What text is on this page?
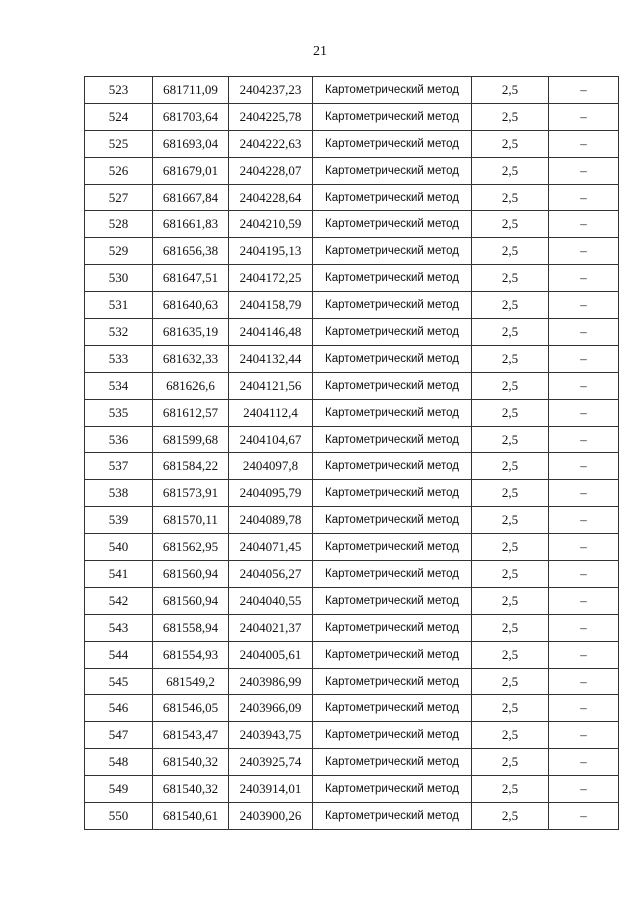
21
523	681711,09	2404237,23	Картометрический метод	2,5	–
524	681703,64	2404225,78	Картометрический метод	2,5	–
525	681693,04	2404222,63	Картометрический метод	2,5	–
526	681679,01	2404228,07	Картометрический метод	2,5	–
527	681667,84	2404228,64	Картометрический метод	2,5	–
528	681661,83	2404210,59	Картометрический метод	2,5	–
529	681656,38	2404195,13	Картометрический метод	2,5	–
530	681647,51	2404172,25	Картометрический метод	2,5	–
531	681640,63	2404158,79	Картометрический метод	2,5	–
532	681635,19	2404146,48	Картометрический метод	2,5	–
533	681632,33	2404132,44	Картометрический метод	2,5	–
534	681626,6	2404121,56	Картометрический метод	2,5	–
535	681612,57	2404112,4	Картометрический метод	2,5	–
536	681599,68	2404104,67	Картометрический метод	2,5	–
537	681584,22	2404097,8	Картометрический метод	2,5	–
538	681573,91	2404095,79	Картометрический метод	2,5	–
539	681570,11	2404089,78	Картометрический метод	2,5	–
540	681562,95	2404071,45	Картометрический метод	2,5	–
541	681560,94	2404056,27	Картометрический метод	2,5	–
542	681560,94	2404040,55	Картометрический метод	2,5	–
543	681558,94	2404021,37	Картометрический метод	2,5	–
544	681554,93	2404005,61	Картометрический метод	2,5	–
545	681549,2	2403986,99	Картометрический метод	2,5	–
546	681546,05	2403966,09	Картометрический метод	2,5	–
547	681543,47	2403943,75	Картометрический метод	2,5	–
548	681540,32	2403925,74	Картометрический метод	2,5	–
549	681540,32	2403914,01	Картометрический метод	2,5	–
550	681540,61	2403900,26	Картометрический метод	2,5	–
